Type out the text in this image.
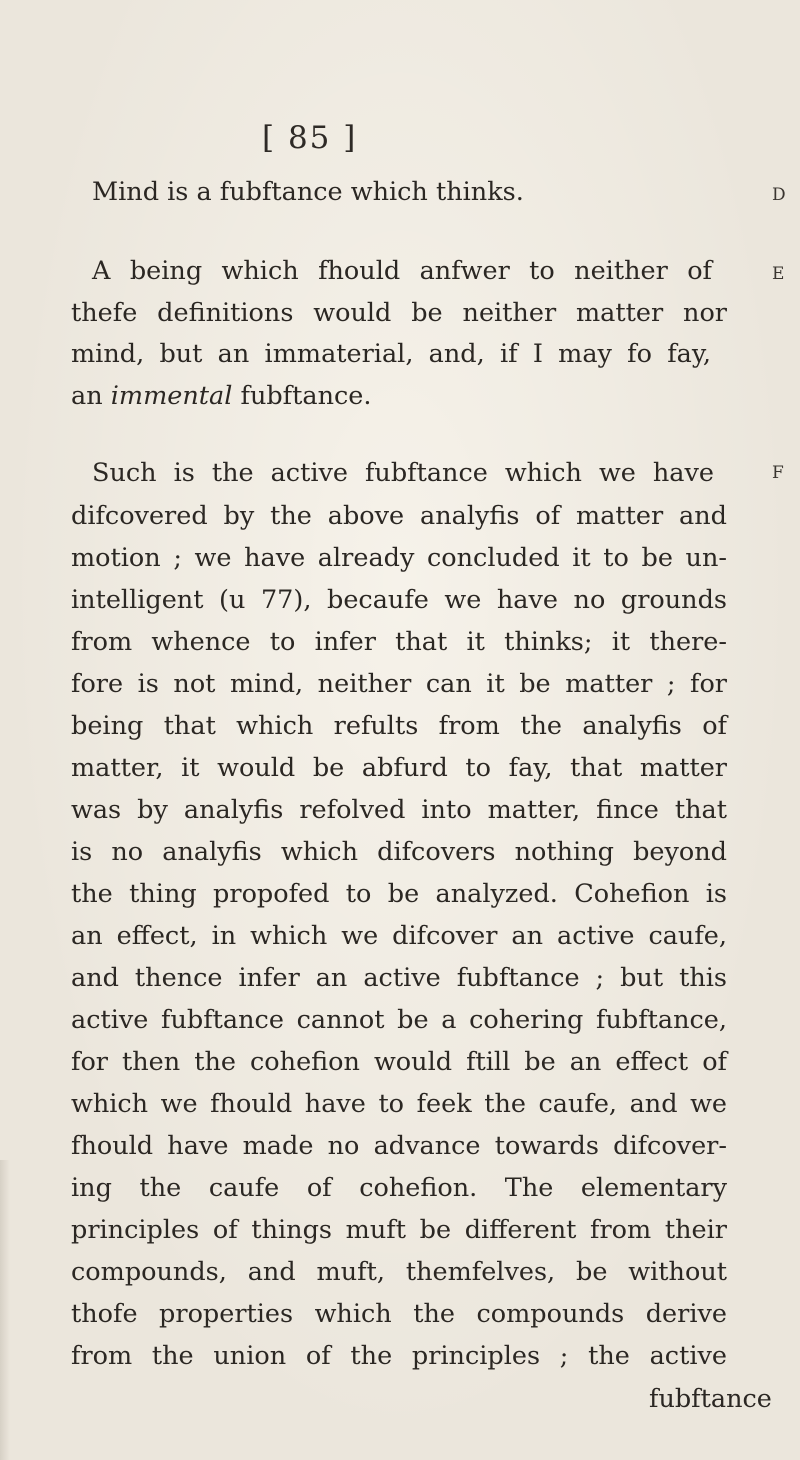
[ 85 ]
Mind is a fubftance which thinks.	D
A being which fhould anfwer to neither of	E
thefe definitions would be neither matter nor
mind, but an immaterial, and, if I may fo fay,
an immental fubftance.
Such is the active fubftance which we have	F
difcovered by the above analyfis of matter and
motion ; we have already concluded it to be un-
intelligent (u 77), becaufe we have no grounds
from whence to infer that it thinks; it there-
fore is not mind, neither can it be matter ; for
being that which refults from the analyfis of
matter, it would be abfurd to fay, that matter
was by analyfis refolved into matter, fince that
is no analyfis which difcovers nothing beyond
the thing propofed to be analyzed. Cohefion is
an effect, in which we difcover an active caufe,
and thence infer an active fubftance ; but this
active fubftance cannot be a cohering fubftance,
for then the cohefion would ftill be an effect of
which we fhould have to feek the caufe, and we
fhould have made no advance towards difcover-
ing the caufe of cohefion. The elementary
principles of things muft be different from their
compounds, and muft, themfelves, be without
thofe properties which the compounds derive
from the union of the principles ; the active
fubftance
